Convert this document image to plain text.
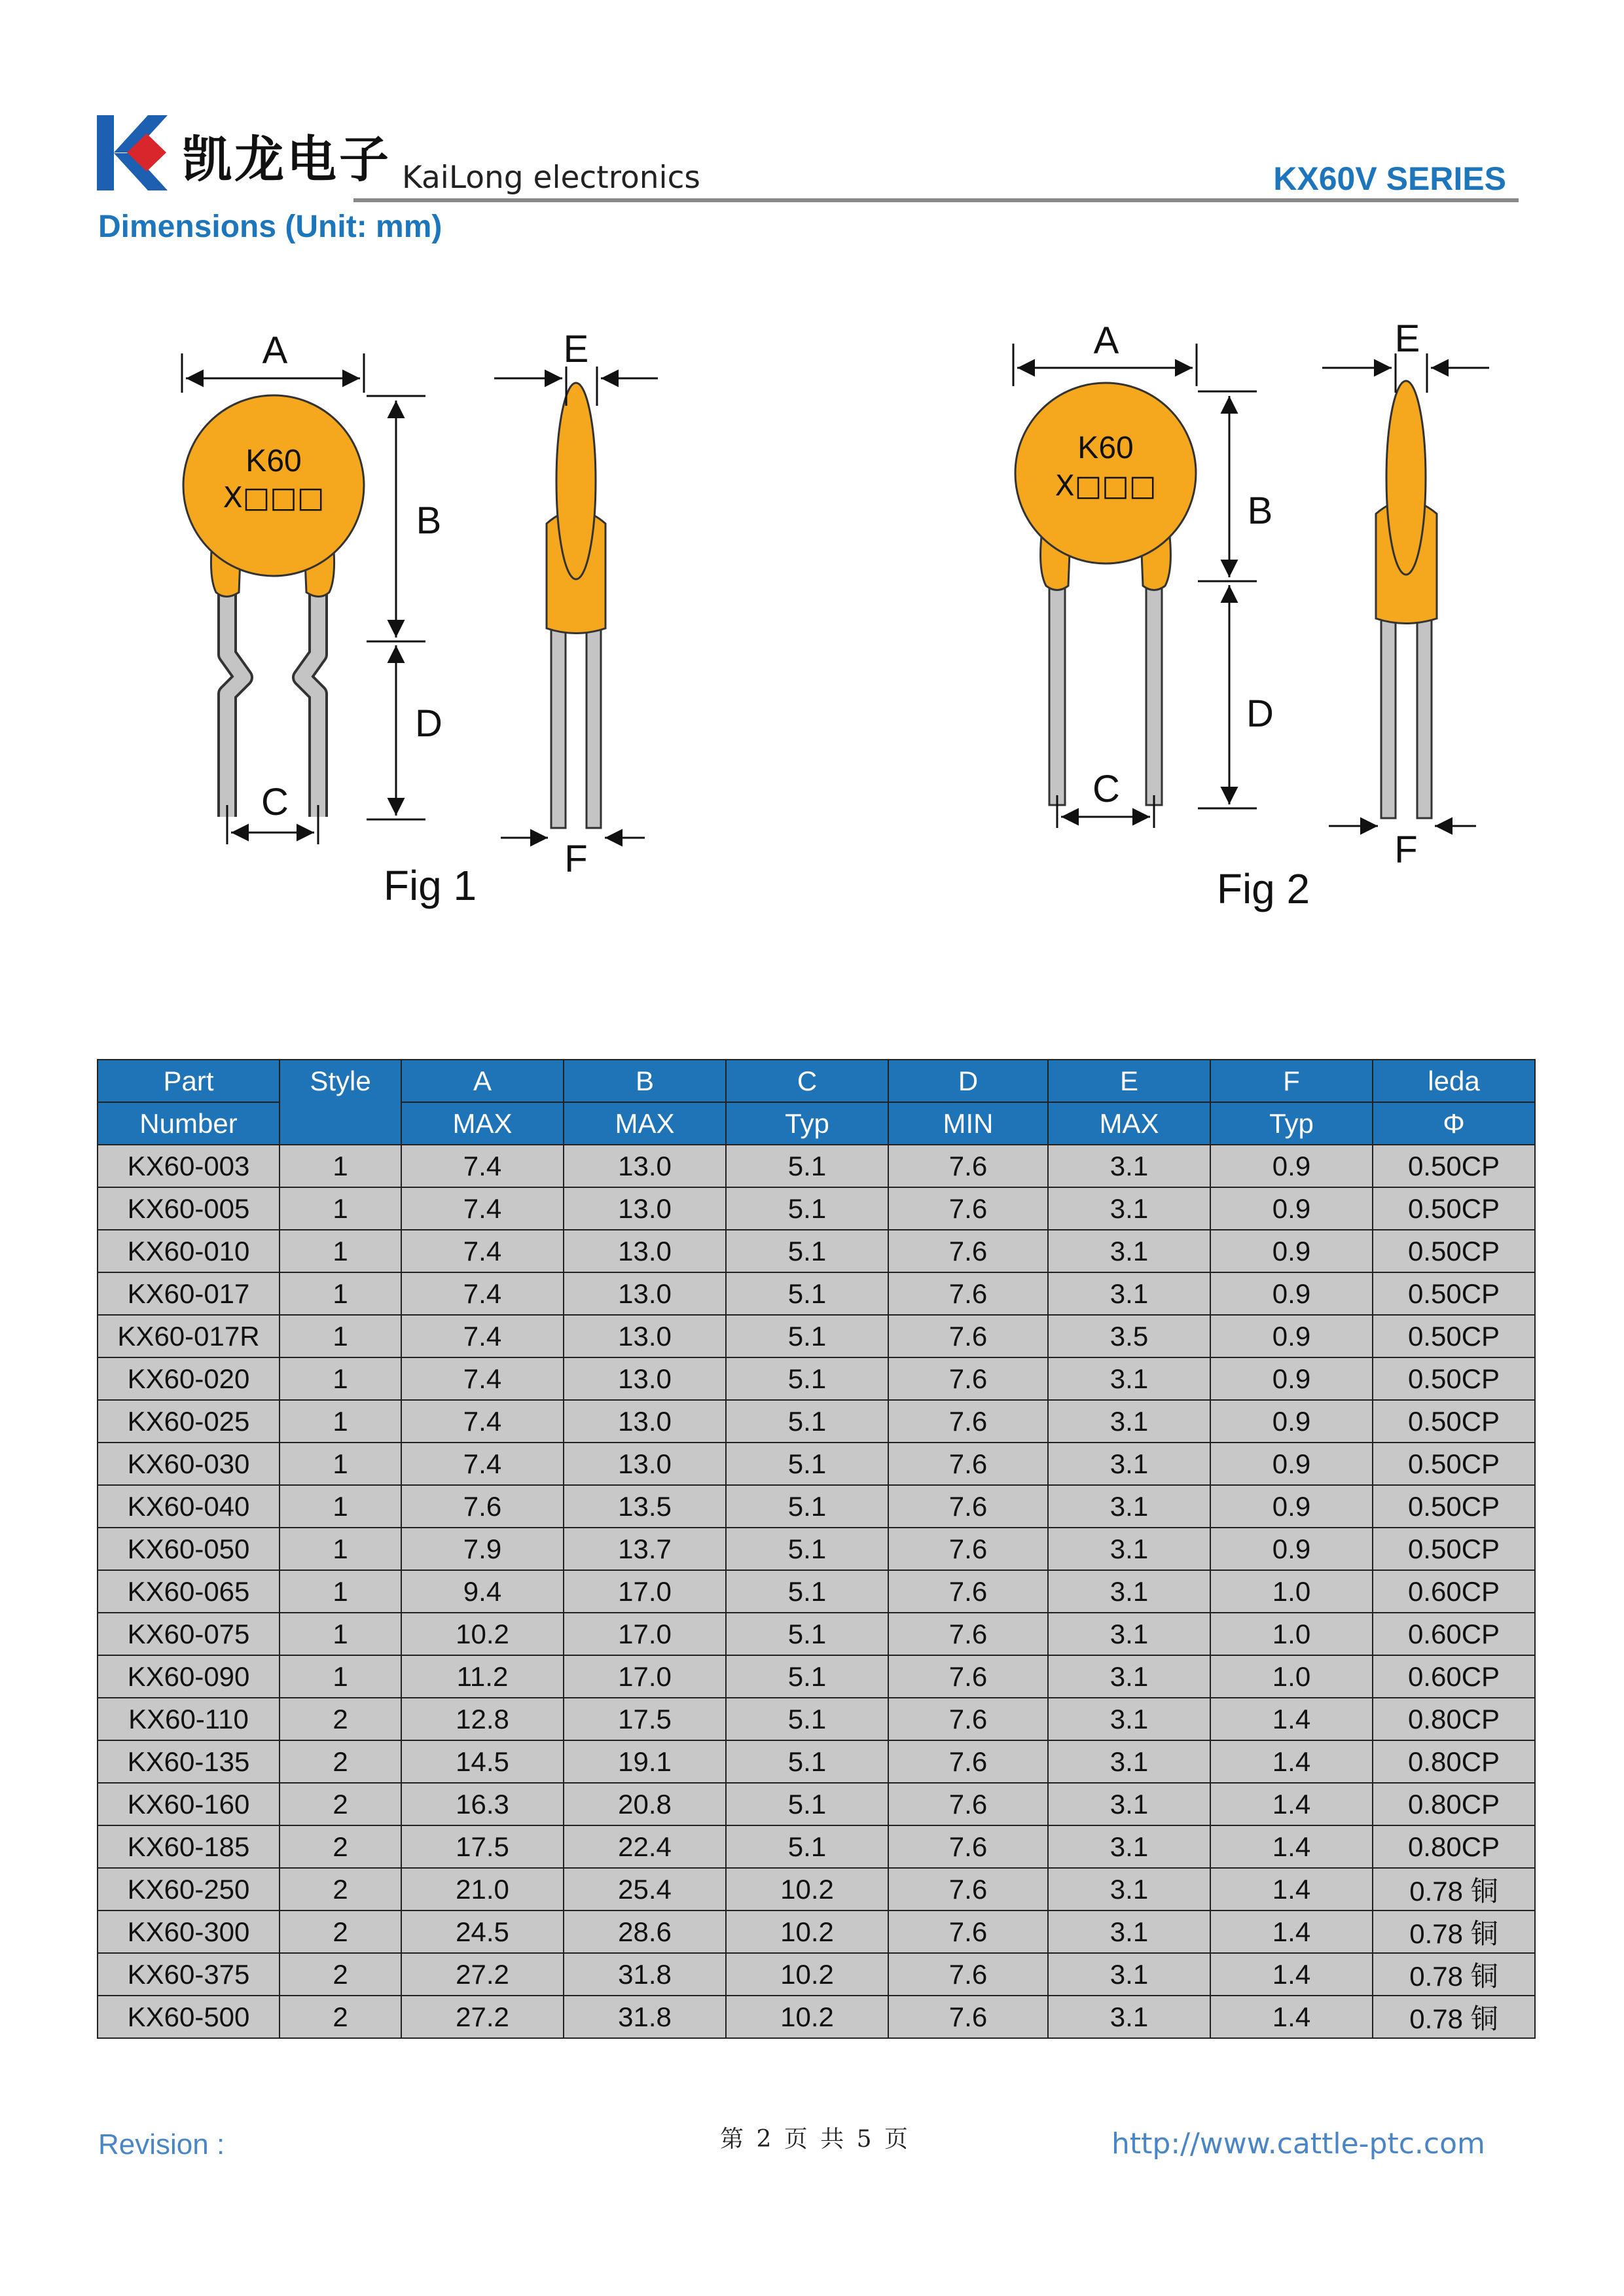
凯龙电子 KaiLong electronics	KX60V SERIES
Dimensions (Unit: mm)
K60
X□□□
A
B
D
C
E
F
Fig 1
K60
X□□□
A
B
D
C
E
F
Fig 2
Part	Style	A	B	C	D	E	F	leda
Number		MAX	MAX	Typ	MIN	MAX	Typ	Φ
KX60-003	1	7.4	13.0	5.1	7.6	3.1	0.9	0.50CP
KX60-005	1	7.4	13.0	5.1	7.6	3.1	0.9	0.50CP
KX60-010	1	7.4	13.0	5.1	7.6	3.1	0.9	0.50CP
KX60-017	1	7.4	13.0	5.1	7.6	3.1	0.9	0.50CP
KX60-017R	1	7.4	13.0	5.1	7.6	3.5	0.9	0.50CP
KX60-020	1	7.4	13.0	5.1	7.6	3.1	0.9	0.50CP
KX60-025	1	7.4	13.0	5.1	7.6	3.1	0.9	0.50CP
KX60-030	1	7.4	13.0	5.1	7.6	3.1	0.9	0.50CP
KX60-040	1	7.6	13.5	5.1	7.6	3.1	0.9	0.50CP
KX60-050	1	7.9	13.7	5.1	7.6	3.1	0.9	0.50CP
KX60-065	1	9.4	17.0	5.1	7.6	3.1	1.0	0.60CP
KX60-075	1	10.2	17.0	5.1	7.6	3.1	1.0	0.60CP
KX60-090	1	11.2	17.0	5.1	7.6	3.1	1.0	0.60CP
KX60-110	2	12.8	17.5	5.1	7.6	3.1	1.4	0.80CP
KX60-135	2	14.5	19.1	5.1	7.6	3.1	1.4	0.80CP
KX60-160	2	16.3	20.8	5.1	7.6	3.1	1.4	0.80CP
KX60-185	2	17.5	22.4	5.1	7.6	3.1	1.4	0.80CP
KX60-250	2	21.0	25.4	10.2	7.6	3.1	1.4	0.78 铜
KX60-300	2	24.5	28.6	10.2	7.6	3.1	1.4	0.78 铜
KX60-375	2	27.2	31.8	10.2	7.6	3.1	1.4	0.78 铜
KX60-500	2	27.2	31.8	10.2	7.6	3.1	1.4	0.78 铜
Revision :	第 2 页 共 5 页	http://www.cattle-ptc.com
